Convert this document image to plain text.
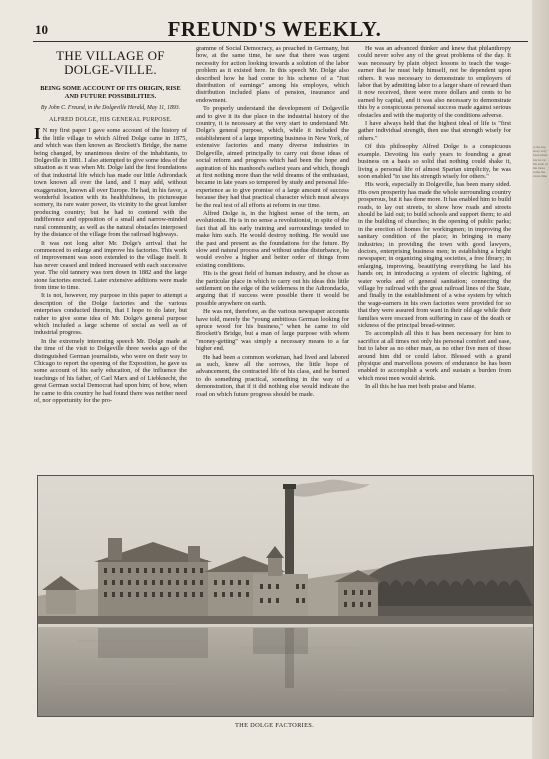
n, the ing story very been rmed nd, in car his such of the more some the clous time
10	FREUND'S WEEKLY.
THE VILLAGE OF DOLGE-VILLE.
BEING SOME ACCOUNT OF ITS ORIGIN, RISE AND FUTURE POSSIBILITIES.
By John C. Freund, in the Dolgeville Herald, May 11, 1893.
ALFRED DOLGE, HIS GENERAL PURPOSE.

I N my first paper I gave some account of the history of the little village to which Alfred Dolge came in 1875, and which was then known as Brockett's Bridge, the name being changed, by unanimous desire of the inhabitants, to Dolgeville in 1881. I also attempted to give some idea of the situation as it was when Mr. Dolge laid the first foundations of that industrial life which has made our little Adirondack town known all over the land, and I may add, without exaggeration, known all over Europe. He had, in his favor, a wonderful location with its healthfulness, its picturesque scenery, its rare water power, its vicinity to the great lumber producing country; but he had to contend with the indifference and opposition of a small and narrow-minded rural community, as well as the natural obstacles interposed by the distance of the village from the railroad highways.

It was not long after Mr. Dolge's arrival that he commenced to enlarge and improve his factories. This work of improvement was soon extended to the village itself. It has never ceased and indeed increased with each successive year. The old tannery was torn down in 1882 and the large stone factories erected. Later extensive additions were made from time to time.

It is not, however, my purpose in this paper to attempt a description of the Dolge factories and the various enterprises conducted therein, that I hope to do later, but rather to give some idea of Mr. Dolge's general purpose which included a large scheme of social as well as of industrial progress.

In the extremely interesting speech Mr. Dolge made at the time of the visit to Dolgeville three weeks ago of the distinguished German journalists, who were on their way to Chicago to report the opening of the Exposition, he gave us some account of his early education, of the influence the teachings of his father, of Carl Marx and of Liebknecht, the great German social Democrat had upon him; of how, when he came to this country he had found there was neither need of, nor opportunity for the pro-

gramme of Social Democracy, as preached in Germany, but how, at the same time, he saw that there was urgent necessity for action looking towards a solution of the labor problem as it existed here. In this speech Mr. Dolge also described how he had come to his scheme of a "Just distribution of earnings" among his employes, which distribution included plans of pension, insurance and endowment.

To properly understand the development of Dolgeville and to give it its due place in the industrial history of the country, it is necessary at the very start to understand Mr. Dolge's general purpose, which, while it included the establishment of a large importing business in New York, of extensive factories and many diverse industries in Dolgeville, aimed principally to carry out those ideas of social reform and progress which had been the hope and aspiration of his manhood's earliest years and which, though at first nothing more than the wild dreams of the enthusiast, became in late years so tempered by study and personal life-experience as to give promise of a large amount of success because they had that practical character which must always be the real test of all efforts at reform in our time.

Alfred Dolge is, in the highest sense of the term, an evolutionist. He is in no sense a revolutionist, in spite of the fact that all his early training and surroundings tended to make him such. He would destroy nothing. He would use the past and present as the foundations for the future. By slow and natural process and without undue disturbance, he would evolve a higher and better order of things from existing conditions.

His is the great field of human industry, and he chose as the particular place in which to carry out his ideas this little settlement on the edge of the wilderness in the Adirondacks, arguing that if success were possible there it would be possible anywhere on earth.

He was not, therefore, as the various newspaper accounts have told, merely the "young ambitious German looking for spruce wood for his business," when he came to old Brockett's Bridge, but a man of large purpose with whom "money-getting" was simply a necessary means to a far higher end.

He had been a common workman, had lived and labored as such, knew all the sorrows, the little hope of advancement, the contracted life of his class, and he burned to do something practical, something in the way of a demonstration, that if it did nothing else would indicate the road on which future progress should be made.

He was an advanced thinker and knew that philanthropy could never solve any of the great problems of the day. It was necessary by plain object lessons to teach the wage-earner that he must help himself, not be dependent upon others. It was necessary to demonstrate to employers of labor that by admitting labor to a larger share of reward than it now received, there were more dollars and cents to be earned by capital, and it was also necessary to demonstrate this by a conspicuous personal success made against serious obstacles and with the majority of the conditions adverse.

I have always held that the highest ideal of life is "first gather individual strength, then use that strength wisely for others."

Of this philosophy Alfred Dolge is a conspicuous example. Devoting his early years to founding a great business on a basis so solid that nothing could shake it, living a personal life of almost Spartan simplicity, he was soon enabled "to use his strength wisely for others."

His work, especially in Dolgeville, has been many sided. His own prosperity has made the whole surrounding country prosperous, but it has done more. It has enabled him to build roads, to lay out streets, to show how roads and streets should be laid out; to build schools and support them; to aid in the building of churches; in the opening of public parks; in the erection of homes for workingmen; in improving the sanitary condition of the place; in bringing in many industries; in providing the town with good lawyers, doctors, enterprising business men; in establishing a bright newspaper; in organizing singing societies, a free library; in enlarging, improving, beautifying everything he laid his hands on; in introducing a system of electric lighting, of water works and of general sanitation; connecting the village by railroad with the great railroad lines of the State, and finally in the establishment of a wise system by which the wage-earners in his own factories were provided for so that they were assured from want in their old age while their families were rescued from suffering in case of the death or sickness of the principal bread-winner.

To accomplish all this it has been necessary for him to sacrifice at all times not only his personal comfort and ease, but to labor as no other man, as no other five men of those around him did or could labor. Blessed with a grand physique and marvellous powers of endurance he has been enabled to accomplish a work and sustain a burden from which most men would shrink.

In all this he has met both praise and blame.

THE DOLGE FACTORIES.
